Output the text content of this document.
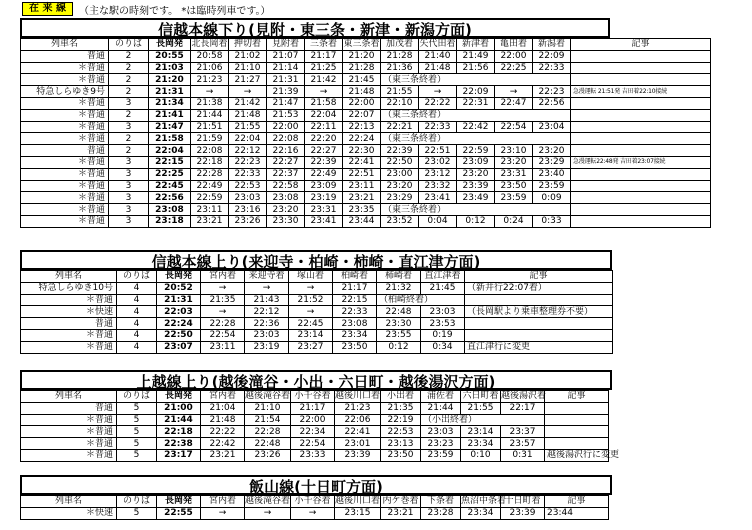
在 来 線	（主な駅の時刻です。 *は臨時列車です。）
信越本線下り(見附・東三条・新津・新潟方面)
列車名	のりば	長岡発	北長岡着	押切着	見附着	三条着	東三条着	加茂着	矢代田着	新津着	亀田着	新潟着	記事
普通	2	20:55	20:58	21:02	21:07	21:17	21:20	21:28	21:40	21:49	22:00	22:09	
＊普通	2	21:03	21:06	21:10	21:14	21:25	21:28	21:36	21:48	21:56	22:25	22:33	
＊普通	2	21:20	21:23	21:27	21:31	21:42	21:45	（東三条終着）					
特急しらゆき9号	2	21:31	→	→	21:39	→	21:48	21:55	→	22:09	→	22:23	急漫運転 21:51発 吉田着22:10接続
＊普通	3	21:34	21:38	21:42	21:47	21:58	22:00	22:10	22:22	22:31	22:47	22:56	
＊普通	2	21:41	21:44	21:48	21:53	22:04	22:07	（東三条終着）					
＊普通	3	21:47	21:51	21:55	22:00	22:11	22:13	22:21	22:33	22:42	22:54	23:04	
＊普通	2	21:58	21:59	22:04	22:08	22:20	22:24	（東三条終着）					
普通	2	22:04	22:08	22:12	22:16	22:27	22:30	22:39	22:51	22:59	23:10	23:20	
＊普通	3	22:15	22:18	22:23	22:27	22:39	22:41	22:50	23:02	23:09	23:20	23:29	急漫運転22:48発 吉田着23:07接続
＊普通	3	22:25	22:28	22:33	22:37	22:49	22:51	23:00	23:12	23:20	23:31	23:40	
＊普通	3	22:45	22:49	22:53	22:58	23:09	23:11	23:20	23:32	23:39	23:50	23:59	
＊普通	3	22:56	22:59	23:03	23:08	23:19	23:21	23:29	23:41	23:49	23:59	0:09	
＊普通	3	23:08	23:11	23:16	23:20	23:31	23:35	（東三条終着）					
＊普通	3	23:18	23:21	23:26	23:30	23:41	23:44	23:52	0:04	0:12	0:24	0:33	
信越本線上り(来迎寺・柏崎・柿崎・直江津方面)
列車名	のりば	長岡発	宮内着	来迎寺着	塚山着	柏崎着	柿崎着	直江津着	記事
特急しらゆき10号	4	20:52	→	→	→	21:17	21:32	21:45	（新井行22:07着）
＊普通	4	21:31	21:35	21:43	21:52	22:15	（柏崎終着）		
＊快速	4	22:03	→	22:12	→	22:33	22:48	23:03	（長岡駅より乗車整理券不要）
普通	4	22:24	22:28	22:36	22:45	23:08	23:30	23:53	
＊普通	4	22:50	22:54	23:03	23:14	23:34	23:55	0:19	
＊普通	4	23:07	23:11	23:19	23:27	23:50	0:12	0:34	直江津行に変更
上越線上り(越後滝谷・小出・六日町・越後湯沢方面)
列車名	のりば	長岡発	宮内着	越後滝谷着	小千谷着	越後川口着	小出着	浦佐着	六日町着	越後湯沢着	記事
普通	5	21:00	21:04	21:10	21:17	21:23	21:35	21:44	21:55	22:17	
＊普通	5	21:44	21:48	21:54	22:00	22:06	22:19	（小出終着）			
＊普通	5	22:18	22:22	22:28	22:34	22:41	22:53	23:03	23:14	23:37	
＊普通	5	22:38	22:42	22:48	22:54	23:01	23:13	23:23	23:34	23:57	
＊普通	5	23:17	23:21	23:26	23:33	23:39	23:50	23:59	0:10	0:31	越後湯沢行に変更
飯山線(十日町方面)
列車名	のりば	長岡発	宮内着	越後滝谷着	小千谷着	越後川口着	内ケ巻着	下条着	魚沼中条着	十日町着	記事
＊快速	5	22:55	→	→	→	23:15	23:21	23:28	23:34	23:39	23:44
